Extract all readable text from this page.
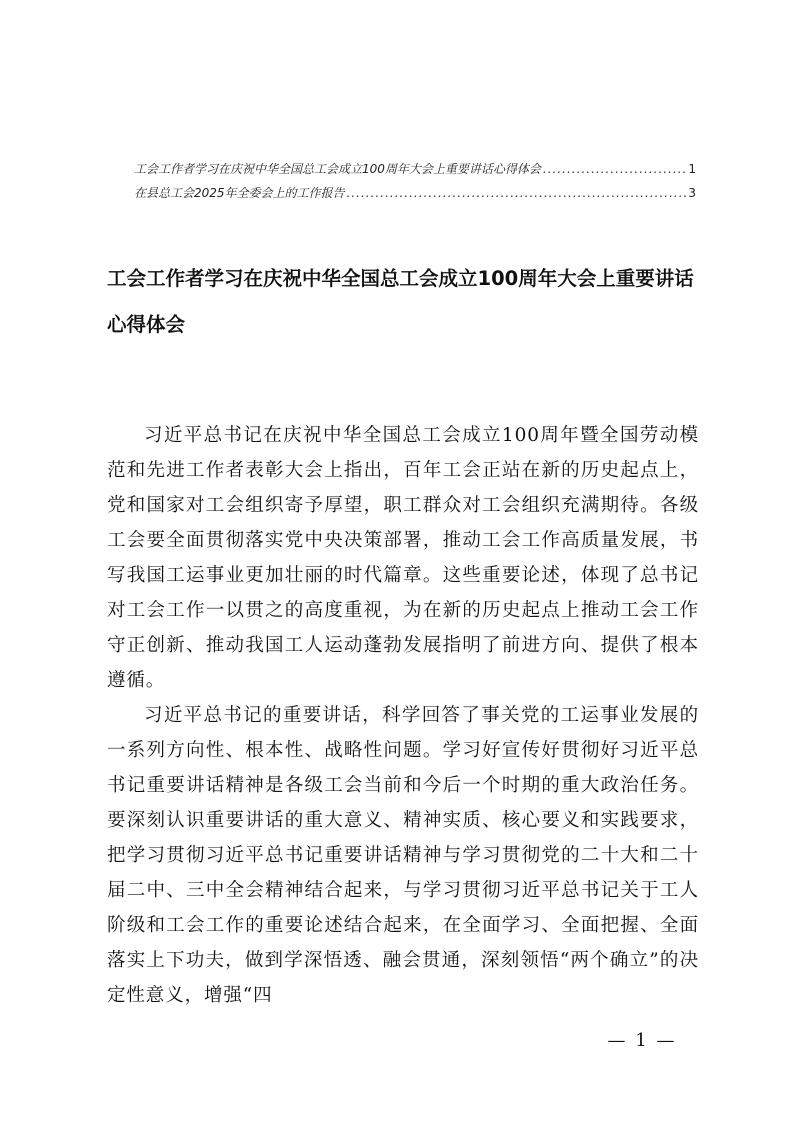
工会工作者学习在庆祝中华全国总工会成立100周年大会上重要讲话心得体会 .....	1
在县总工会2025年全委会上的工作报告 .....	3
工会工作者学习在庆祝中华全国总工会成立100周年大会上重要讲话心得体会

习近平总书记在庆祝中华全国总工会成立100周年暨全国劳动模范和先进工作者表彰大会上指出，百年工会正站在新的历史起点上，党和国家对工会组织寄予厚望，职工群众对工会组织充满期待。各级工会要全面贯彻落实党中央决策部署，推动工会工作高质量发展，书写我国工运事业更加壮丽的时代篇章。这些重要论述，体现了总书记对工会工作一以贯之的高度重视，为在新的历史起点上推动工会工作守正创新、推动我国工人运动蓬勃发展指明了前进方向、提供了根本遵循。

习近平总书记的重要讲话，科学回答了事关党的工运事业发展的一系列方向性、根本性、战略性问题。学习好宣传好贯彻好习近平总书记重要讲话精神是各级工会当前和今后一个时期的重大政治任务。要深刻认识重要讲话的重大意义、精神实质、核心要义和实践要求，把学习贯彻习近平总书记重要讲话精神与学习贯彻党的二十大和二十届二中、三中全会精神结合起来，与学习贯彻习近平总书记关于工人阶级和工会工作的重要论述结合起来，在全面学习、全面把握、全面落实上下功夫，做到学深悟透、融会贯通，深刻领悟“两个确立”的决定性意义，增强“四

— 1 —
